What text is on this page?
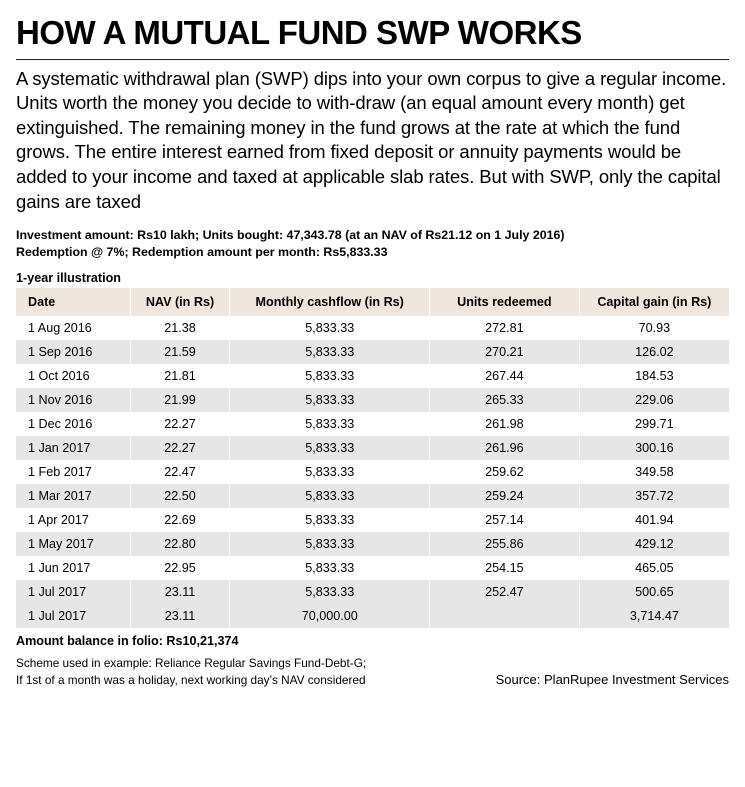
HOW A MUTUAL FUND SWP WORKS
A systematic withdrawal plan (SWP) dips into your own corpus to give a regular income. Units worth the money you decide to with-draw (an equal amount every month) get extinguished. The remaining money in the fund grows at the rate at which the fund grows. The entire interest earned from fixed deposit or annuity payments would be added to your income and taxed at applicable slab rates. But with SWP, only the capital gains are taxed
Investment amount: Rs10 lakh; Units bought: 47,343.78 (at an NAV of Rs21.12 on 1 July 2016)
Redemption @ 7%; Redemption amount per month: Rs5,833.33
1-year illustration
Date	NAV (in Rs)	Monthly cashflow (in Rs)	Units redeemed	Capital gain (in Rs)
1 Aug 2016	21.38	5,833.33	272.81	70.93
1 Sep 2016	21.59	5,833.33	270.21	126.02
1 Oct 2016	21.81	5,833.33	267.44	184.53
1 Nov 2016	21.99	5,833.33	265.33	229.06
1 Dec 2016	22.27	5,833.33	261.98	299.71
1 Jan 2017	22.27	5,833.33	261.96	300.16
1 Feb 2017	22.47	5,833.33	259.62	349.58
1 Mar 2017	22.50	5,833.33	259.24	357.72
1 Apr 2017	22.69	5,833.33	257.14	401.94
1 May 2017	22.80	5,833.33	255.86	429.12
1 Jun 2017	22.95	5,833.33	254.15	465.05
1 Jul 2017	23.11	5,833.33	252.47	500.65
1 Jul 2017	23.11	70,000.00		3,714.47
Amount balance in folio: Rs10,21,374
Scheme used in example: Reliance Regular Savings Fund-Debt-G;
If 1st of a month was a holiday, next working day’s NAV considered	Source: PlanRupee Investment Services
